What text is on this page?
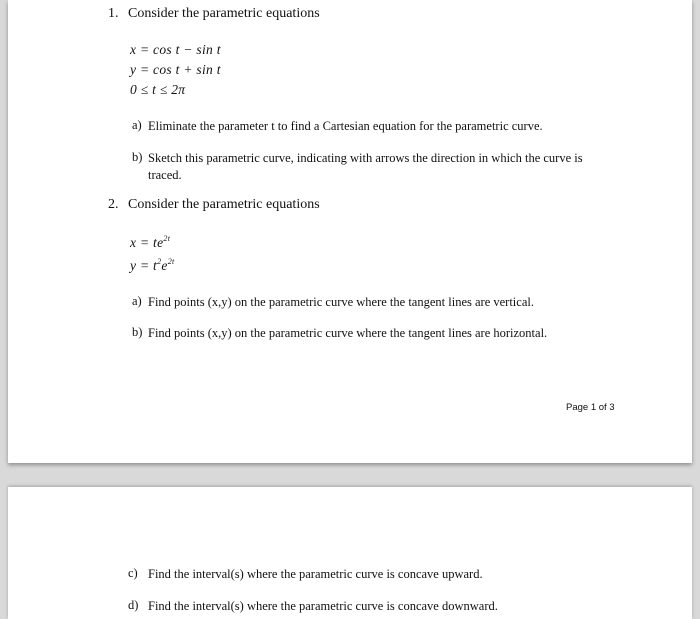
1. Consider the parametric equations
x = cos t − sin t
y = cos t + sin t
0 ≤ t ≤ 2π
a) Eliminate the parameter t to find a Cartesian equation for the parametric curve.
b) Sketch this parametric curve, indicating with arrows the direction in which the curve is traced.
2. Consider the parametric equations
$x = te^{2t}$
$y = t^2e^{2t}$
a) Find points (x,y) on the parametric curve where the tangent lines are vertical.
b) Find points (x,y) on the parametric curve where the tangent lines are horizontal.
Page 1 of 3
c) Find the interval(s) where the parametric curve is concave upward.
d) Find the interval(s) where the parametric curve is concave downward.
